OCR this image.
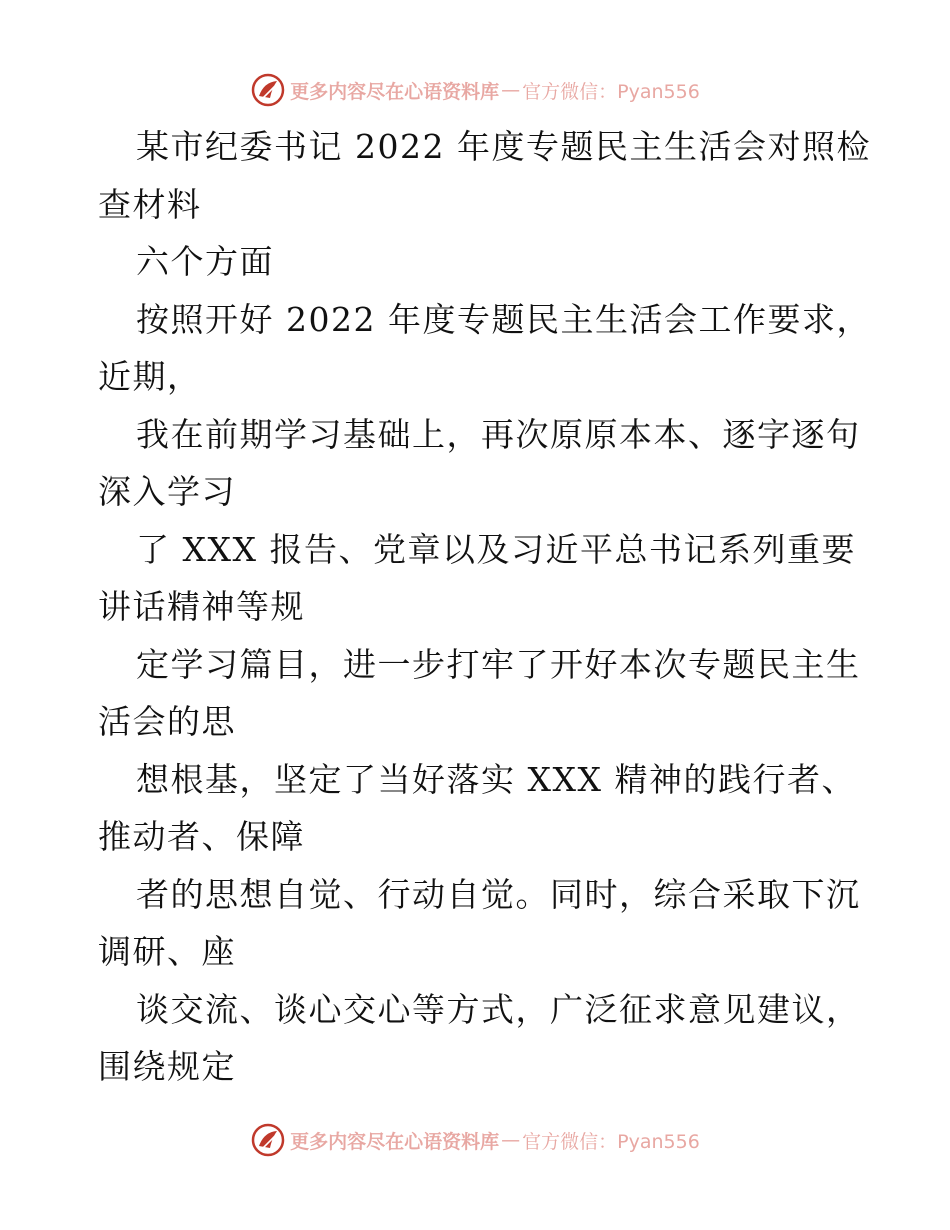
更多内容尽在心语资料库 — 官方微信：Pyan556
某市纪委书记 2022 年度专题民主生活会对照检
查材料
六个方面
按照开好 2022 年度专题民主生活会工作要求，
近期，
我在前期学习基础上，再次原原本本、逐字逐句
深入学习
了 XXX 报告、党章以及习近平总书记系列重要
讲话精神等规
定学习篇目，进一步打牢了开好本次专题民主生
活会的思
想根基，坚定了当好落实 XXX 精神的践行者、
推动者、保障
者的思想自觉、行动自觉。同时，综合采取下沉
调研、座
谈交流、谈心交心等方式，广泛征求意见建议，
围绕规定
更多内容尽在心语资料库 — 官方微信：Pyan556
